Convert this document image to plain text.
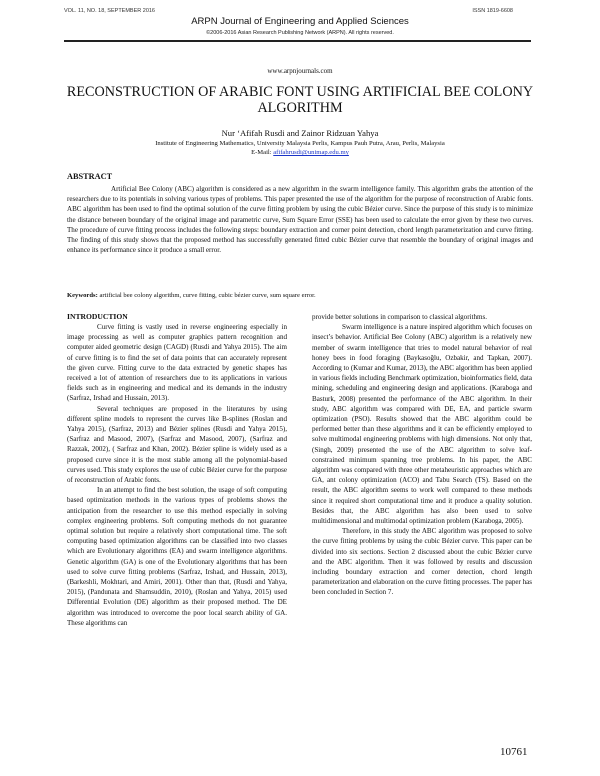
VOL. 11, NO. 18, SEPTEMBER 2016	ISSN 1819-6608
ARPN Journal of Engineering and Applied Sciences
©2006-2016 Asian Research Publishing Network (ARPN). All rights reserved.
www.arpnjournals.com
RECONSTRUCTION OF ARABIC FONT USING ARTIFICIAL BEE COLONY ALGORITHM
Nur ‘Afifah Rusdi and Zainor Ridzuan Yahya
Institute of Engineering Mathematics, University Malaysia Perlis, Kampus Pauh Putra, Arau, Perlis, Malaysia
E-Mail: afifahrusdi@unimap.edu.my
ABSTRACT

Artificial Bee Colony (ABC) algorithm is considered as a new algorithm in the swarm intelligence family. This algorithm grabs the attention of the researchers due to its potentials in solving various types of problems. This paper presented the use of the algorithm for the purpose of reconstruction of Arabic fonts. ABC algorithm has been used to find the optimal solution of the curve fitting problem by using the cubic Bézier curve. Since the purpose of this study is to minimize the distance between boundary of the original image and parametric curve, Sum Square Error (SSE) has been used to calculate the error given by these two curves. The procedure of curve fitting process includes the following steps: boundary extraction and corner point detection, chord length parameterization and curve fitting. The finding of this study shows that the proposed method has successfully generated fitted cubic Bézier curve that resemble the boundary of original images and enhance its performance since it produce a small error.

Keywords: artificial bee colony algorithm, curve fitting, cubic bézier curve, sum square error.
INTRODUCTION

Curve fitting is vastly used in reverse engineering especially in image processing as well as computer graphics pattern recognition and computer aided geometric design (CAGD) (Rusdi and Yahya 2015). The aim of curve fitting is to find the set of data points that can accurately represent the given curve. Fitting curve to the data extracted by genetic shapes has received a lot of attention of researchers due to its applications in various fields such as in engineering and medical and its demands in the industry (Sarfraz, Irshad and Hussain, 2013).

Several techniques are proposed in the literatures by using different spline models to represent the curves like B-splines (Roslan and Yahya 2015), (Sarfraz, 2013) and Bézier splines (Rusdi and Yahya 2015), (Sarfraz and Masood, 2007), (Sarfraz and Masood, 2007), (Sarfraz and Razzak, 2002), ( Sarfraz and Khan, 2002). Bézier spline is widely used as a proposed curve since it is the most stable among all the polynomial-based curves used. This study explores the use of cubic Bézier curve for the purpose of reconstruction of Arabic fonts.

In an attempt to find the best solution, the usage of soft computing based optimization methods in the various types of problems shows the anticipation from the researcher to use this method especially in solving complex engineering problems. Soft computing methods do not guarantee optimal solution but require a relatively short computational time. The soft computing based optimization algorithms can be classified into two classes which are Evolutionary algorithms (EA) and swarm intelligence algorithms. Genetic algorithm (GA) is one of the Evolutionary algorithms that has been used to solve curve fitting problems (Sarfraz, Irshad, and Hussain, 2013), (Barkeshli, Mokhtari, and Amiri, 2001). Other than that, (Rusdi and Yahya, 2015), (Pandunata and Shamsuddin, 2010), (Roslan and Yahya, 2015) used Differential Evolution (DE) algorithm as their proposed method. The DE algorithm was introduced to overcome the poor local search ability of GA. These algorithms can

provide better solutions in comparison to classical algorithms.

Swarm intelligence is a nature inspired algorithm which focuses on insect’s behavior. Artificial Bee Colony (ABC) algorithm is a relatively new member of swarm intelligence that tries to model natural behavior of real honey bees in food foraging (Baykasoğlu, Ozbakir, and Tapkan, 2007). According to (Kumar and Kumar, 2013), the ABC algorithm has been applied in various fields including Benchmark optimization, bioinformatics field, data mining, scheduling and engineering design and applications. (Karaboga and Basturk, 2008) presented the performance of the ABC algorithm. In their study, ABC algorithm was compared with DE, EA, and particle swarm optimization (PSO). Results showed that the ABC algorithm could be performed better than these algorithms and it can be efficiently employed to solve multimodal engineering problems with high dimensions. Not only that, (Singh, 2009) presented the use of the ABC algorithm to solve leaf-constrained minimum spanning tree problems. In his paper, the ABC algorithm was compared with three other metaheuristic approaches which are GA, ant colony optimization (ACO) and Tabu Search (TS). Based on the result, the ABC algorithm seems to work well compared to these methods since it required short computational time and it produce a quality solution. Besides that, the ABC algorithm has also been used to solve multidimensional and multimodal optimization problem (Karaboga, 2005).

Therefore, in this study the ABC algorithm was proposed to solve the curve fitting problems by using the cubic Bézier curve. This paper can be divided into six sections. Section 2 discussed about the cubic Bézier curve and the ABC algorithm. Then it was followed by results and discussion including boundary extraction and corner detection, chord length parameterization and elaboration on the curve fitting processes. The paper has been concluded in Section 7.

10761
